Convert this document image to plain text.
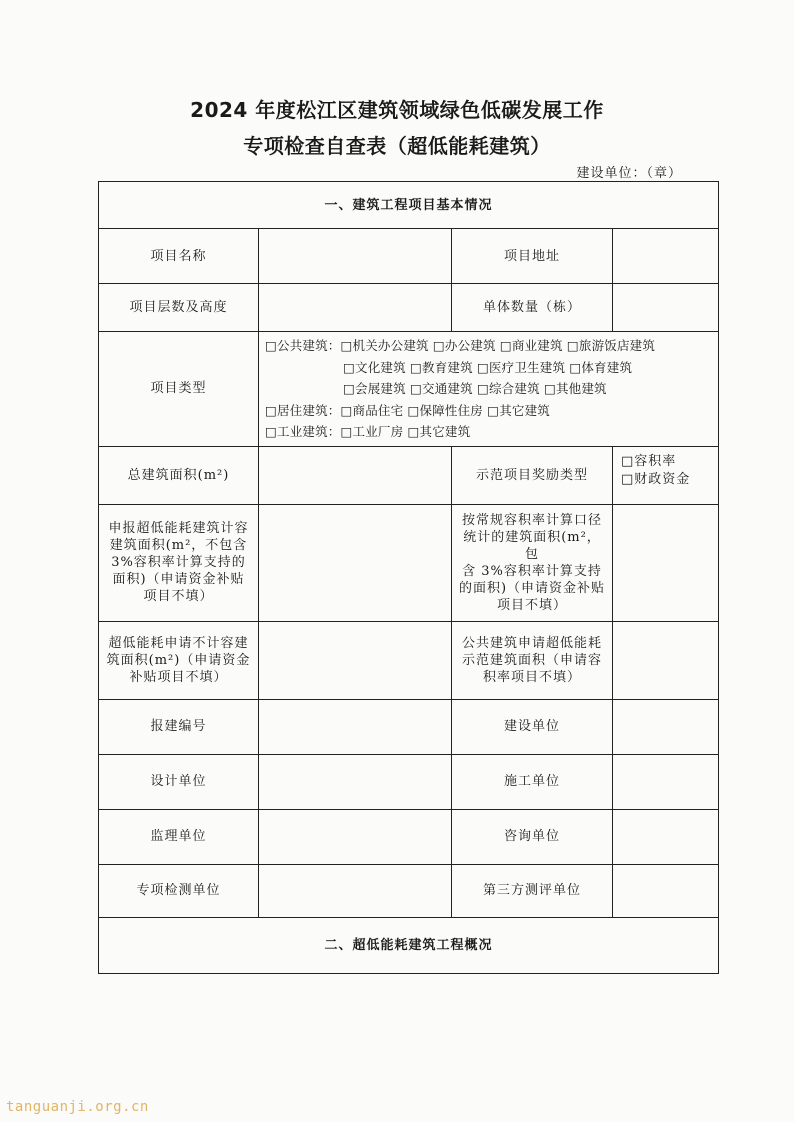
2024 年度松江区建筑领域绿色低碳发展工作
专项检查自查表（超低能耗建筑）
建设单位：（章）
一、建筑工程项目基本情况			
项目名称		项目地址	
项目层数及高度		单体数量（栋）	
项目类型	□公共建筑：□机关办公建筑 □办公建筑 □商业建筑 □旅游饭店建筑
□文化建筑 □教育建筑 □医疗卫生建筑 □体育建筑
□会展建筑 □交通建筑 □综合建筑 □其他建筑
□居住建筑：□商品住宅 □保障性住房 □其它建筑
□工业建筑：□工业厂房 □其它建筑		

总建筑面积(m²)		示范项目奖励类型	□容积率
□财政资金

申报超低能耗建筑计容
建筑面积(m²，不包含
3%容积率计算支持的
面积)（申请资金补贴
项目不填）		按常规容积率计算口径
统计的建筑面积(m²，包
含 3%容积率计算支持
的面积)（申请资金补贴
项目不填）	
超低能耗申请不计容建
筑面积(m²)（申请资金
补贴项目不填）		公共建筑申请超低能耗
示范建筑面积（申请容
积率项目不填）	
报建编号		建设单位	
设计单位		施工单位	
监理单位		咨询单位	
专项检测单位		第三方测评单位	
二、超低能耗建筑工程概况			
tanguanji.org.cn
